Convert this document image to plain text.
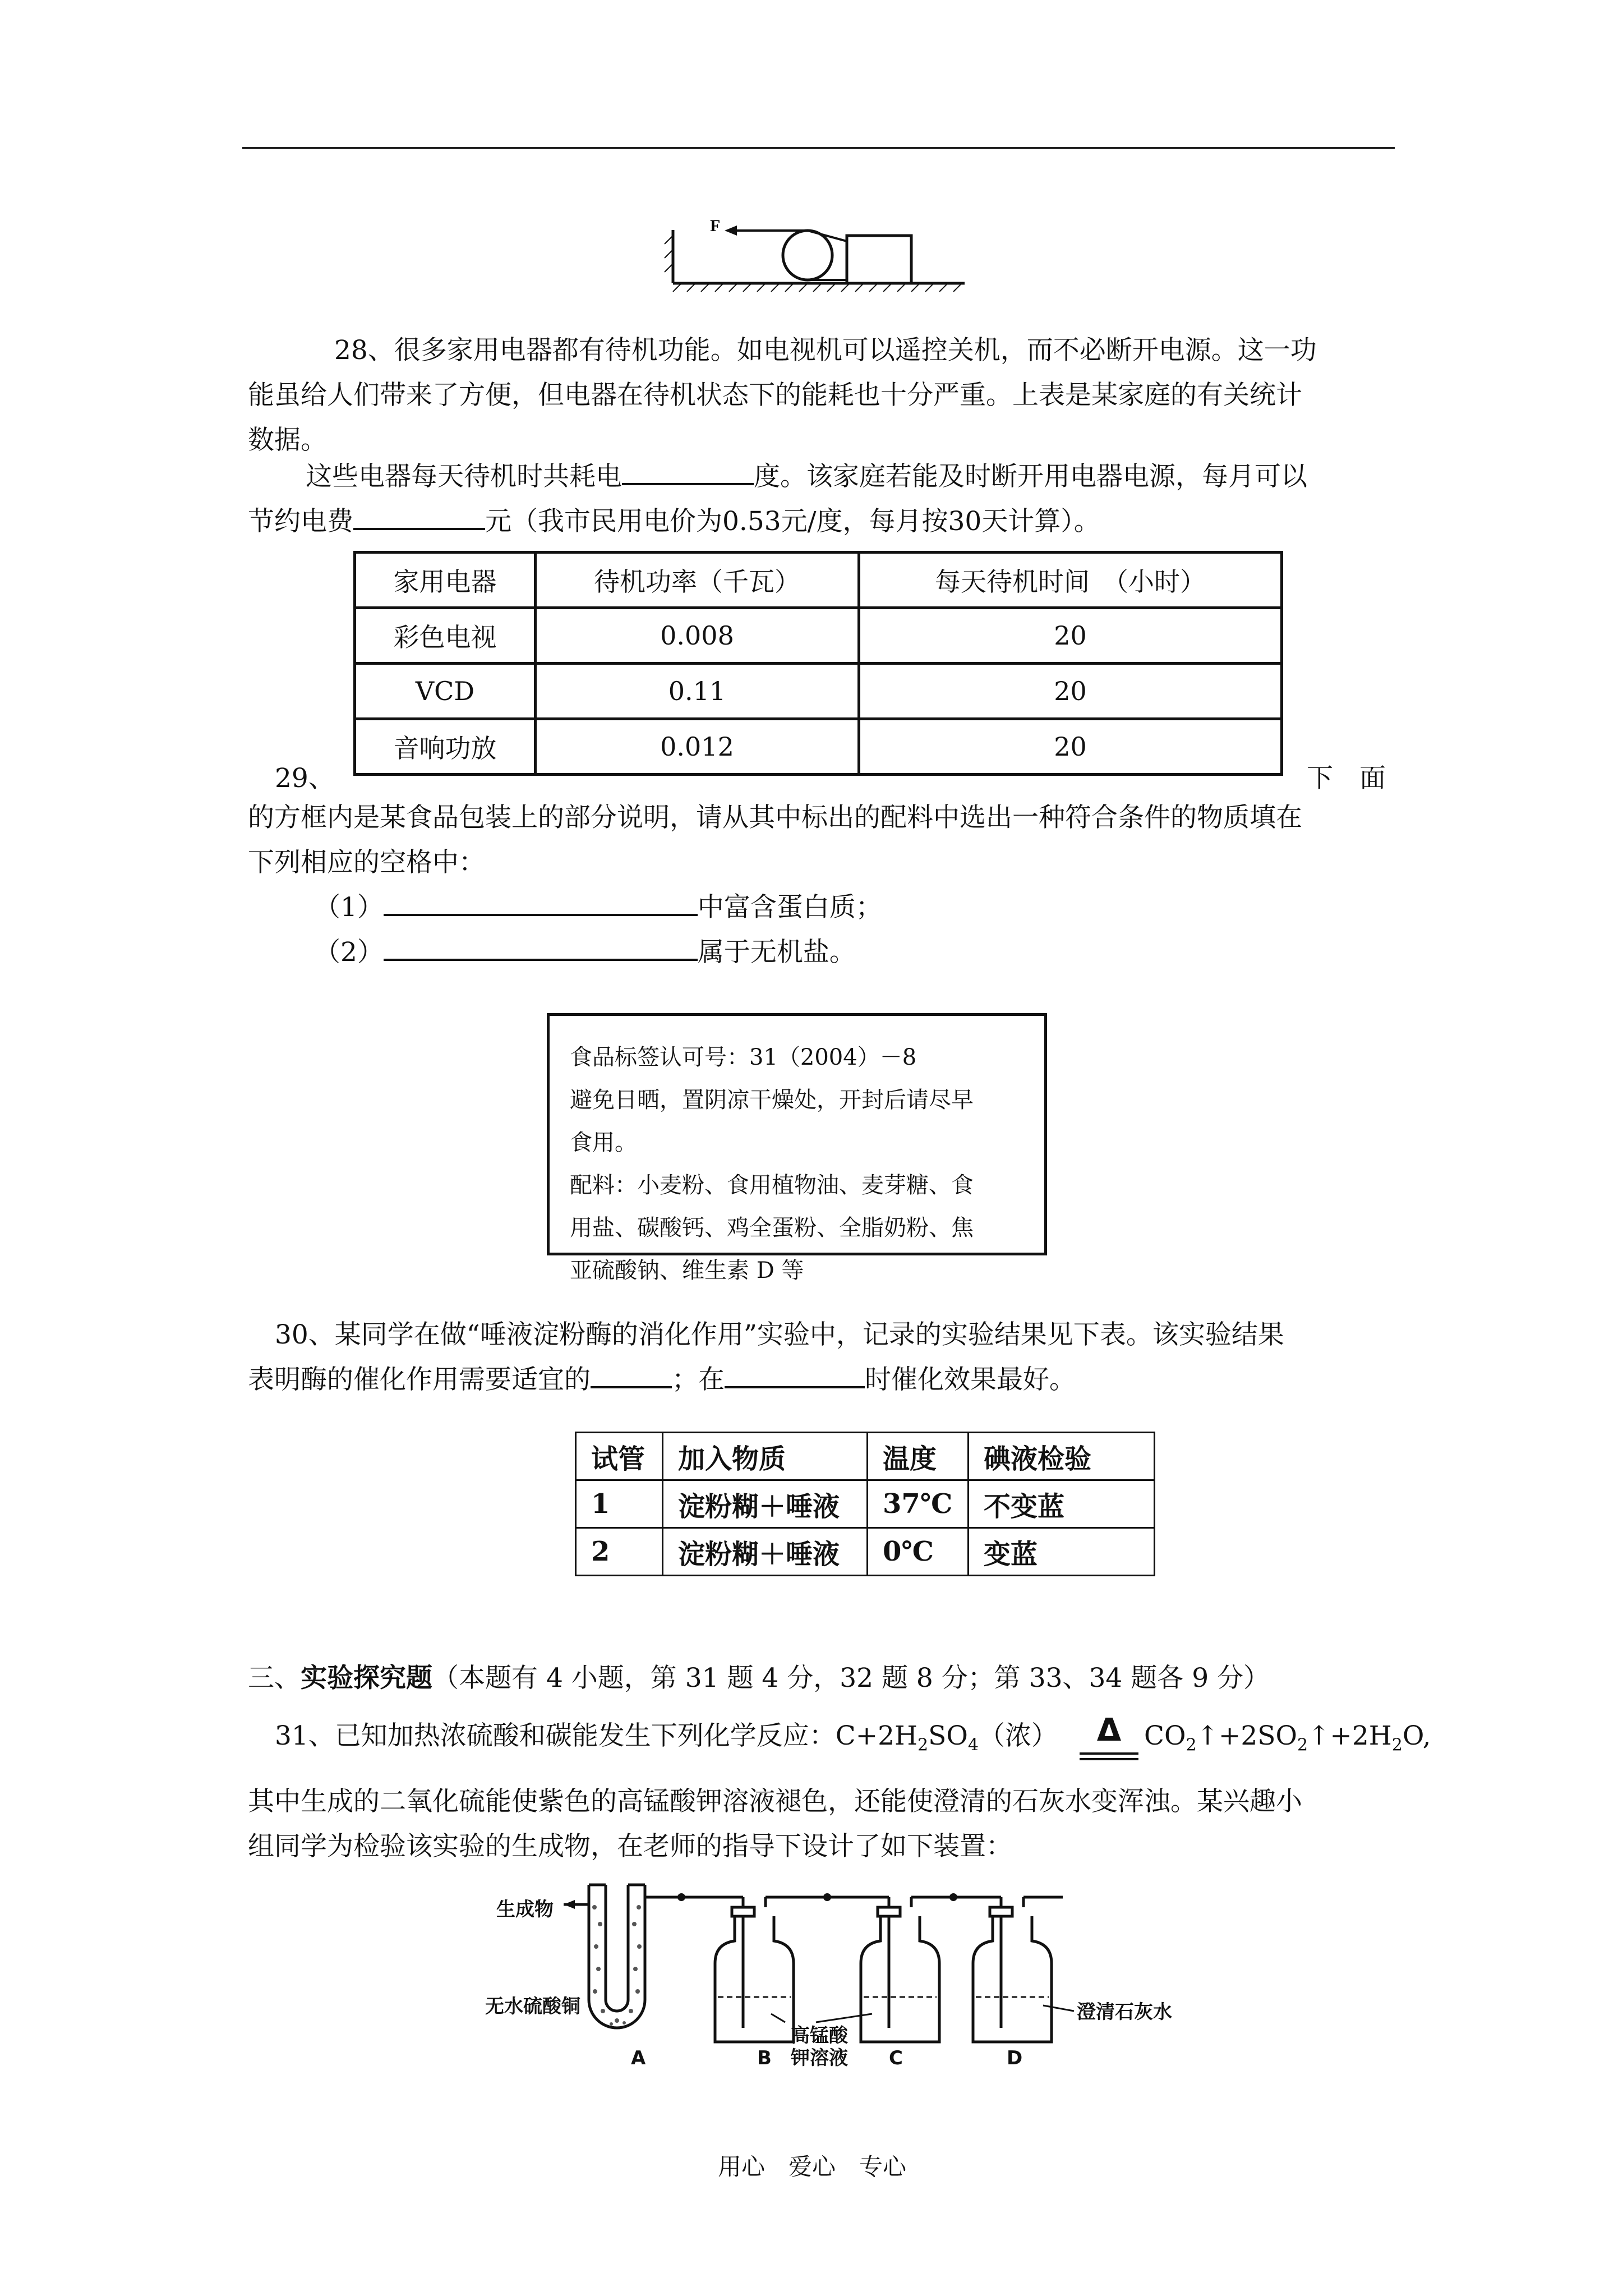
F
28、很多家用电器都有待机功能。如电视机可以遥控关机，而不必断开电源。这一功
能虽给人们带来了方便，但电器在待机状态下的能耗也十分严重。上表是某家庭的有关统计
数据。
这些电器每天待机时共耗电	度。该家庭若能及时断开用电器电源，每月可以
节约电费	元（我市民用电价为0.53元/度，每月按30天计算）。
家用电器	待机功率（千瓦）	每天待机时间　（小时）
彩色电视	0.008	20
VCD	0.11	20
音响功放	0.012	20
29、	下　面
的方框内是某食品包装上的部分说明，请从其中标出的配料中选出一种符合条件的物质填在
下列相应的空格中：
（1）	中富含蛋白质；
（2）	属于无机盐。
食品标签认可号：31（2004）－8
避免日晒，置阴凉干燥处，开封后请尽早
食用。
配料：小麦粉、食用植物油、麦芽糖、食
用盐、碳酸钙、鸡全蛋粉、全脂奶粉、焦
亚硫酸钠、维生素 D 等
30、某同学在做“唾液淀粉酶的消化作用”实验中，记录的实验结果见下表。该实验结果
表明酶的催化作用需要适宜的	；在	时催化效果最好。
试管	加入物质	温度	碘液检验
1	淀粉糊＋唾液	37℃	不变蓝
2	淀粉糊＋唾液	0℃	变蓝
三、实验探究题（本题有 4 小题，第 31 题 4 分，32 题 8 分；第 33、34 题各 9 分）
31、已知加热浓硫酸和碳能发生下列化学反应：$C+2H_2SO_4$（浓）	Δ $CO_2↑+2SO_2↑+2H_2O$,
其中生成的二氧化硫能使紫色的高锰酸钾溶液褪色，还能使澄清的石灰水变浑浊。某兴趣小
组同学为检验该实验的生成物，在老师的指导下设计了如下装置：
生成物
无水硫酸铜
高锰酸
钾溶液
澄清石灰水
A	B	C	D
用心　爱心　专心
